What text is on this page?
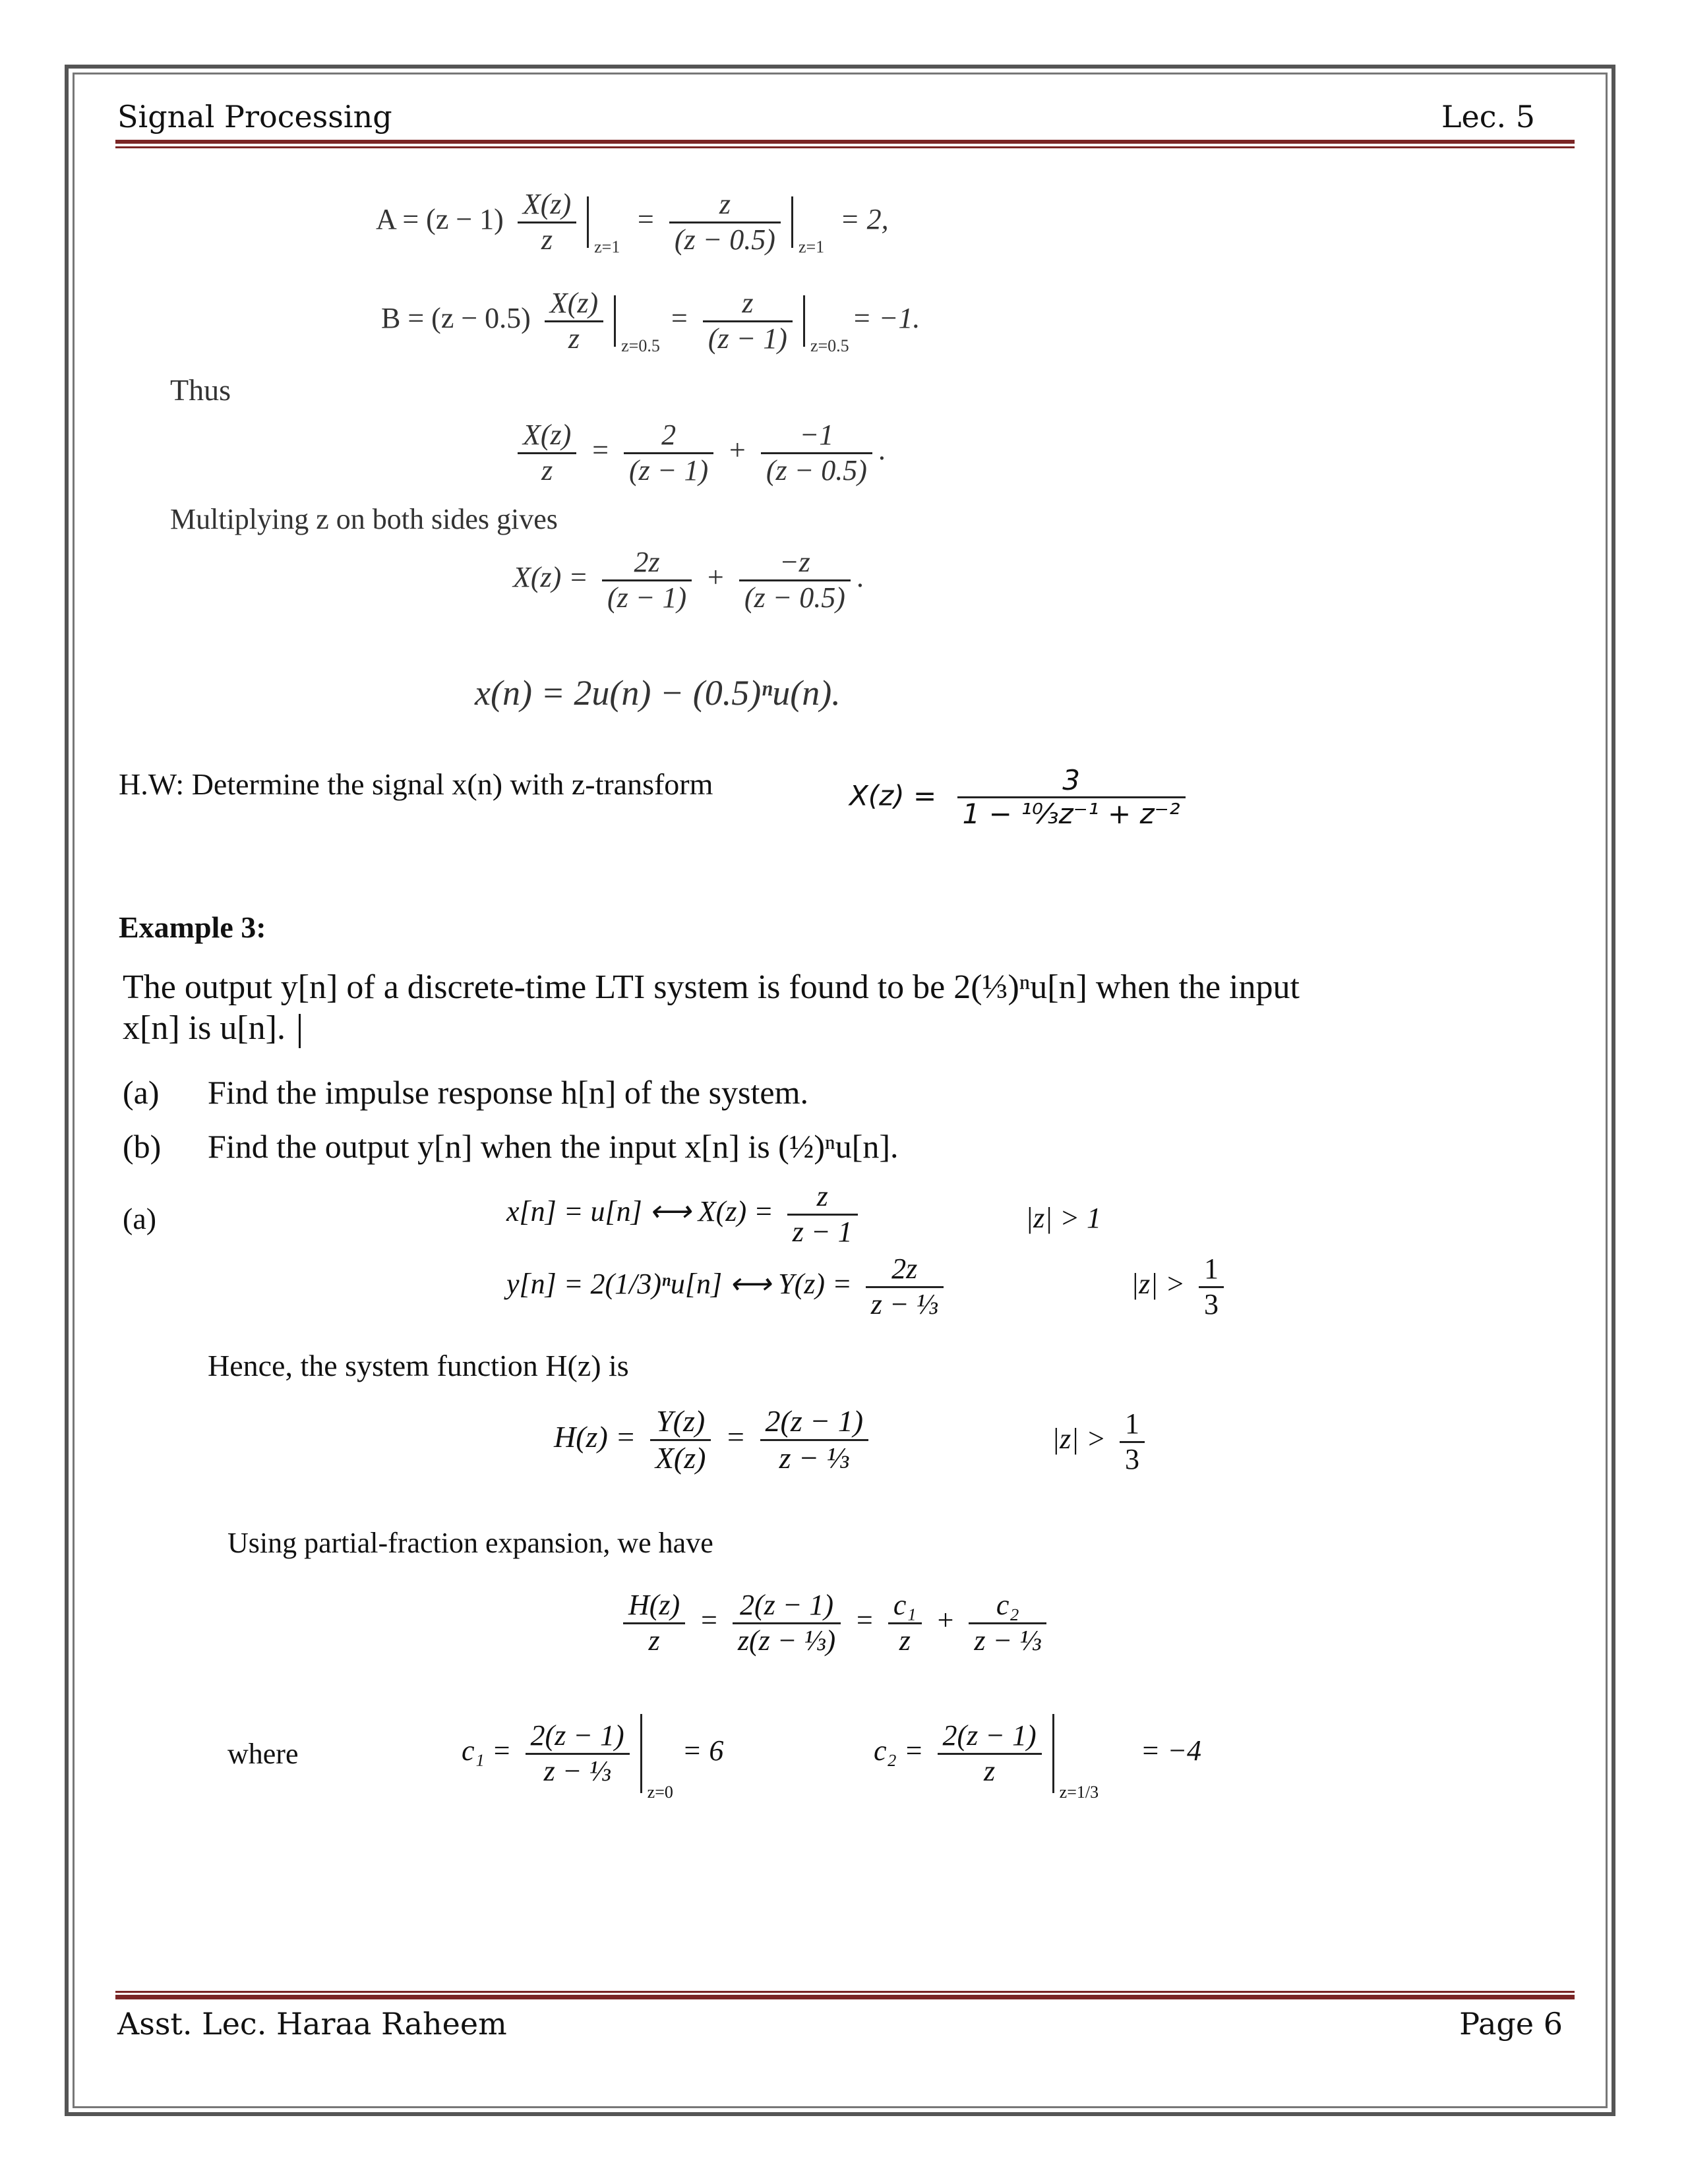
Signal Processing	Lec. 5
$A = (z - 1) \frac{X(z)}{z} z=1$
= $\frac{z}{(z - 0.5)} z=1$
= 2,
$B = (z - 0.5) \frac{X(z)}{z} z=0.5$
= $\frac{z}{(z - 1)} z=0.5$
= −1.
Thus
$\frac{X(z)}{z} = \frac{2}{(z - 1)} + \frac{-1}{(z - 0.5)}$ .
Multiplying z on both sides gives
$X(z) = \frac{2z}{(z - 1)} + \frac{-z}{(z - 0.5)}$ .
x(n) = 2u(n) − (0.5)ⁿu(n).
H.W: Determine the signal x(n) with z-transform	$X(z) = \frac{3}{\text{1 − ¹⁰⁄₃z⁻¹ + z⁻²}}$
Example 3:
The output y[n] of a discrete-time LTI system is found to be 2(⅓)ⁿu[n] when the input
x[n] is u[n].
(a) Find the impulse response h[n] of the system.
(b) Find the output y[n] when the input x[n] is (½)ⁿu[n].
(a)	x[n] = u[n] ⟷ $X(z) = \frac{z}{z - 1}$	|z| > 1
y[n] = 2(1/3)ⁿu[n] ⟷ $Y(z) = \frac{2z}{\text{z − ⅓}}$	$|z| > \frac{1}{3}$
Hence, the system function H(z) is
$H(z) = \frac{Y(z)}{X(z)} = \frac{2(z - 1)}{\text{z − ⅓}}$	$|z| > \frac{1}{3}$
Using partial-fraction expansion, we have
$\frac{H(z)}{z} = \frac{2(z - 1)}{\text{z(z − ⅓)}} = \frac{\text{c₁}}{z} + \frac{\text{c₂}}{\text{z − ⅓}}$
where	$c_1 = \frac{2(z - 1)}{\text{z − ⅓}}$
z=0
= 6	$c_2 = \frac{2(z - 1)}{z}$
z=1/3
= −4
Asst. Lec. Haraa Raheem	Page 6
